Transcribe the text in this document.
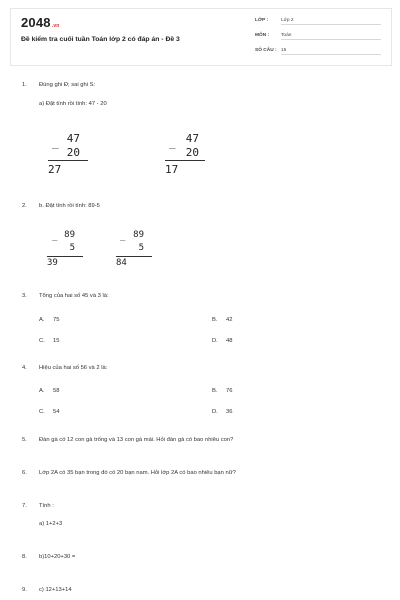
2048.vn
Đề kiểm tra cuối tuần Toán lớp 2 có đáp án - Đề 3
LỚP :	Lớp 2
MÔN : Toán
SỐ CÂU : 15
1. Đúng ghi Đ; sai ghi S:
a) Đặt tính rồi tính: 47 - 20
_ 47
20
27
_ 47
20
17
2. b. Đặt tính rồi tính: 89-5
_ 89
5
39
_ 89
5
84
3. Tổng của hai số 45 và 3 là:
A. 75	B. 42
C. 15	D. 48
4. Hiệu của hai số 56 và 2 là:
A. 58	B. 76
C. 54	D. 36
5. Đàn gà có 12 con gà trống và 13 con gà mái. Hỏi đàn gà có bao nhiêu con?
6. Lớp 2A có 35 bạn trong đó có 20 bạn nam. Hỏi lớp 2A có bao nhiêu bạn nữ?
7. Tính :
a) 1+2+3
8. b)10+20+30 =
9. c) 12+13+14
